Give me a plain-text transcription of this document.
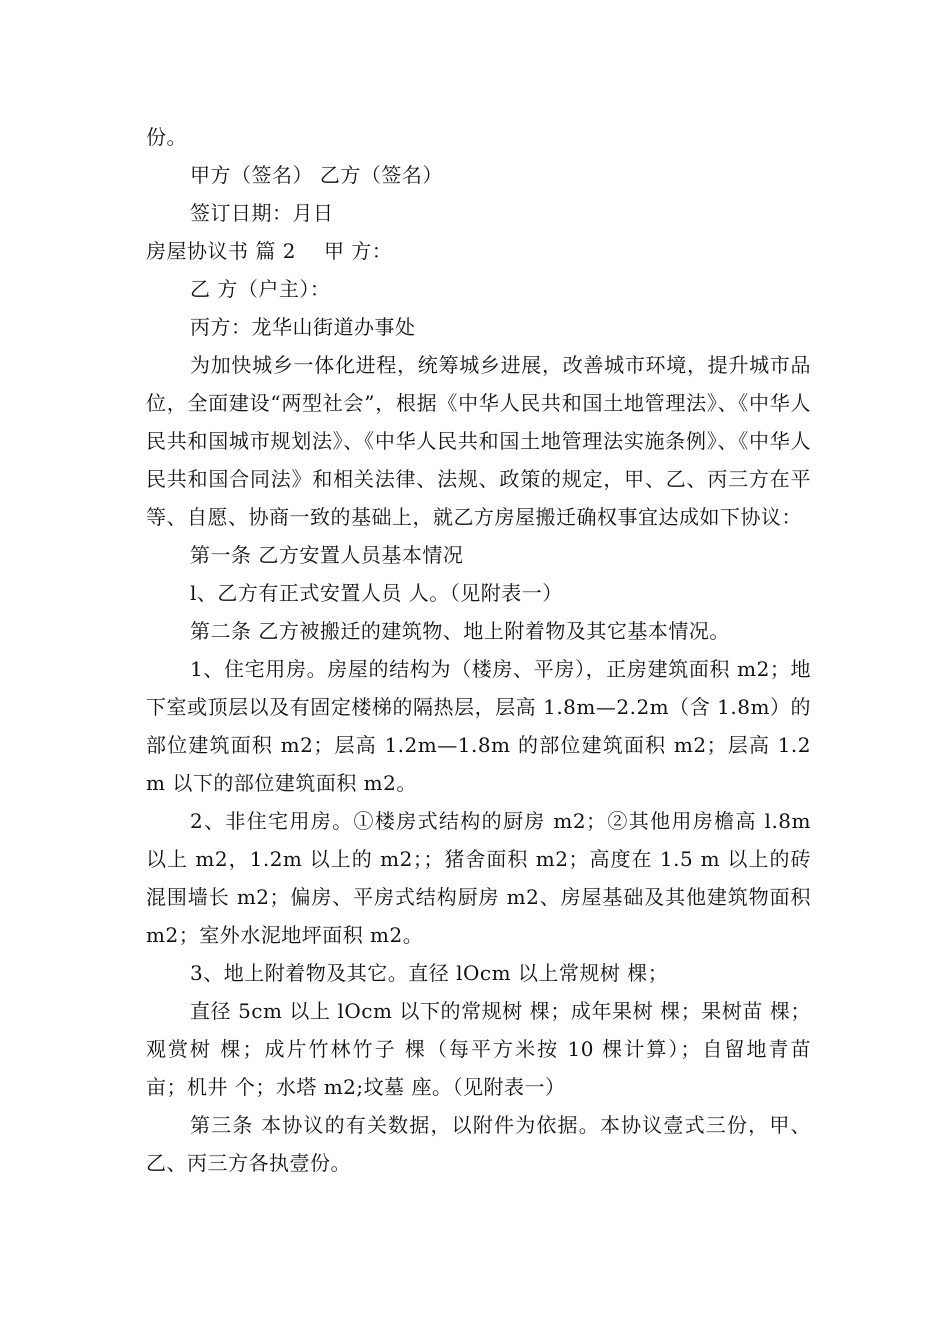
份。

甲方（签名） 乙方（签名）

签订日期：月日

房屋协议书 篇 2 甲 方：

乙 方（户主）：

丙方：龙华山街道办事处

为加快城乡一体化进程，统筹城乡进展，改善城市环境，提升城市品位，全面建设“两型社会”，根据《中华人民共和国土地管理法》、《中华人民共和国城市规划法》、《中华人民共和国土地管理法实施条例》、《中华人民共和国合同法》和相关法律、法规、政策的规定，甲、乙、丙三方在平等、自愿、协商一致的基础上，就乙方房屋搬迁确权事宜达成如下协议：

第一条 乙方安置人员基本情况

l、乙方有正式安置人员 人。（见附表一）

第二条 乙方被搬迁的建筑物、地上附着物及其它基本情况。

1、住宅用房。房屋的结构为（楼房、平房），正房建筑面积 m2；地下室或顶层以及有固定楼梯的隔热层，层高 1.8m—2.2m（含 1.8m）的部位建筑面积 m2；层高 1.2m—1.8m 的部位建筑面积 m2；层高 1.2m 以下的部位建筑面积 m2。

2、非住宅用房。①楼房式结构的厨房 m2；②其他用房檐高 l.8m 以上 m2，1.2m 以上的 m2；；猪舍面积 m2；高度在 1.5 m 以上的砖混围墙长 m2；偏房、平房式结构厨房 m2、房屋基础及其他建筑物面积 m2；室外水泥地坪面积 m2。

3、地上附着物及其它。直径 lOcm 以上常规树 棵；

直径 5cm 以上 lOcm 以下的常规树 棵；成年果树 棵；果树苗 棵；观赏树 棵；成片竹林竹子 棵（每平方米按 10 棵计算）；自留地青苗 亩；机井 个；水塔 m2;坟墓 座。（见附表一）

第三条 本协议的有关数据，以附件为依据。本协议壹式三份，甲、乙、丙三方各执壹份。
